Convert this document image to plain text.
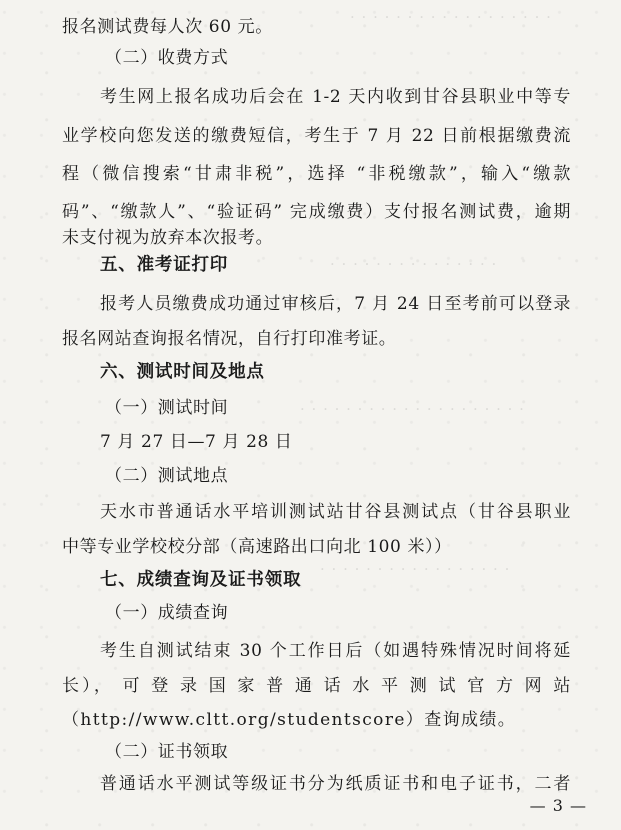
· · · · · · · · · · · · · · · · · ·
· · · · · · · · · · · · · · ·
· · · · · · · · · · · · · · · · · · · ·
· · · · · · · · · · · · · · · · ·
报名测试费每人次 60 元。
（二）收费方式
考生网上报名成功后会在 1-2 天内收到甘谷县职业中等专
业学校向您发送的缴费短信，考生于 7 月 22 日前根据缴费流
程（微信搜索“甘肃非税”，选择 “非税缴款”，输入“缴款
码”、“缴款人”、“验证码” 完成缴费）支付报名测试费，逾期
未支付视为放弃本次报考。
五、准考证打印
报考人员缴费成功通过审核后，7 月 24 日至考前可以登录
报名网站查询报名情况，自行打印准考证。
六、测试时间及地点
（一）测试时间
7 月 27 日—7 月 28 日
（二）测试地点
天水市普通话水平培训测试站甘谷县测试点（甘谷县职业
中等专业学校校分部（高速路出口向北 100 米））
七、成绩查询及证书领取
（一）成绩查询
考生自测试结束 30 个工作日后（如遇特殊情况时间将延
长）， 可 登 录 国 家 普 通 话 水 平 测 试 官 方 网 站
（http://www.cltt.org/studentscore）查询成绩。
（二）证书领取
普通话水平测试等级证书分为纸质证书和电子证书，二者
— 3 —
